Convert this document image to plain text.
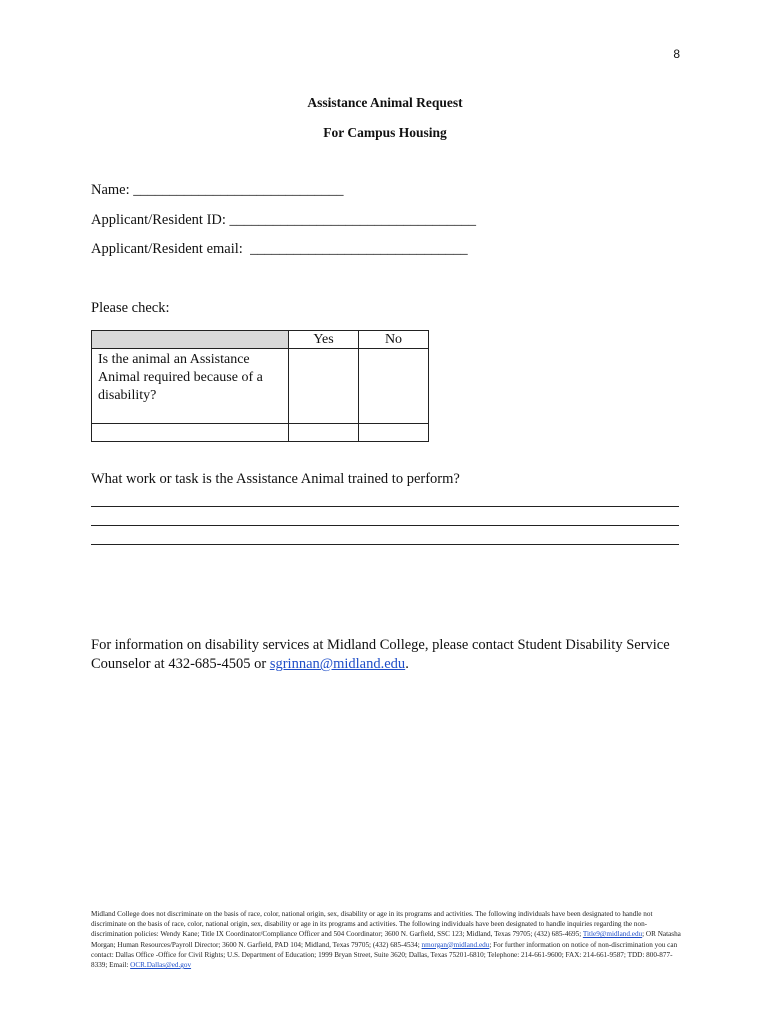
8
Assistance Animal Request
For Campus Housing
Name: _____________________________
Applicant/Resident ID: __________________________________
Applicant/Resident email: ______________________________
Please check:
	Yes	No
Is the animal an Assistance Animal required because of a disability?		

What work or task is the Assistance Animal trained to perform?
For information on disability services at Midland College, please contact Student Disability Service Counselor at 432-685-4505 or sgrinnan@midland.edu.
Midland College does not discriminate on the basis of race, color, national origin, sex, disability or age in its programs and activities. The following individuals have been designated to handle not discriminate on the basis of race, color, national origin, sex, disability or age in its programs and activities. The following individuals have been designated to handle inquiries regarding the non-discrimination policies: Wendy Kane; Title IX Coordinator/Compliance Officer and 504 Coordinator; 3600 N. Garfield, SSC 123; Midland, Texas 79705; (432) 685-4695; Title9@midland.edu; OR Natasha Morgan; Human Resources/Payroll Director; 3600 N. Garfield, PAD 104; Midland, Texas 79705; (432) 685-4534; nmorgan@midland.edu; For further information on notice of non-discrimination you can contact: Dallas Office -Office for Civil Rights; U.S. Department of Education; 1999 Bryan Street, Suite 3620; Dallas, Texas 75201-6810; Telephone: 214-661-9600; FAX: 214-661-9587; TDD: 800-877-8339; Email: OCR.Dallas@ed.gov
